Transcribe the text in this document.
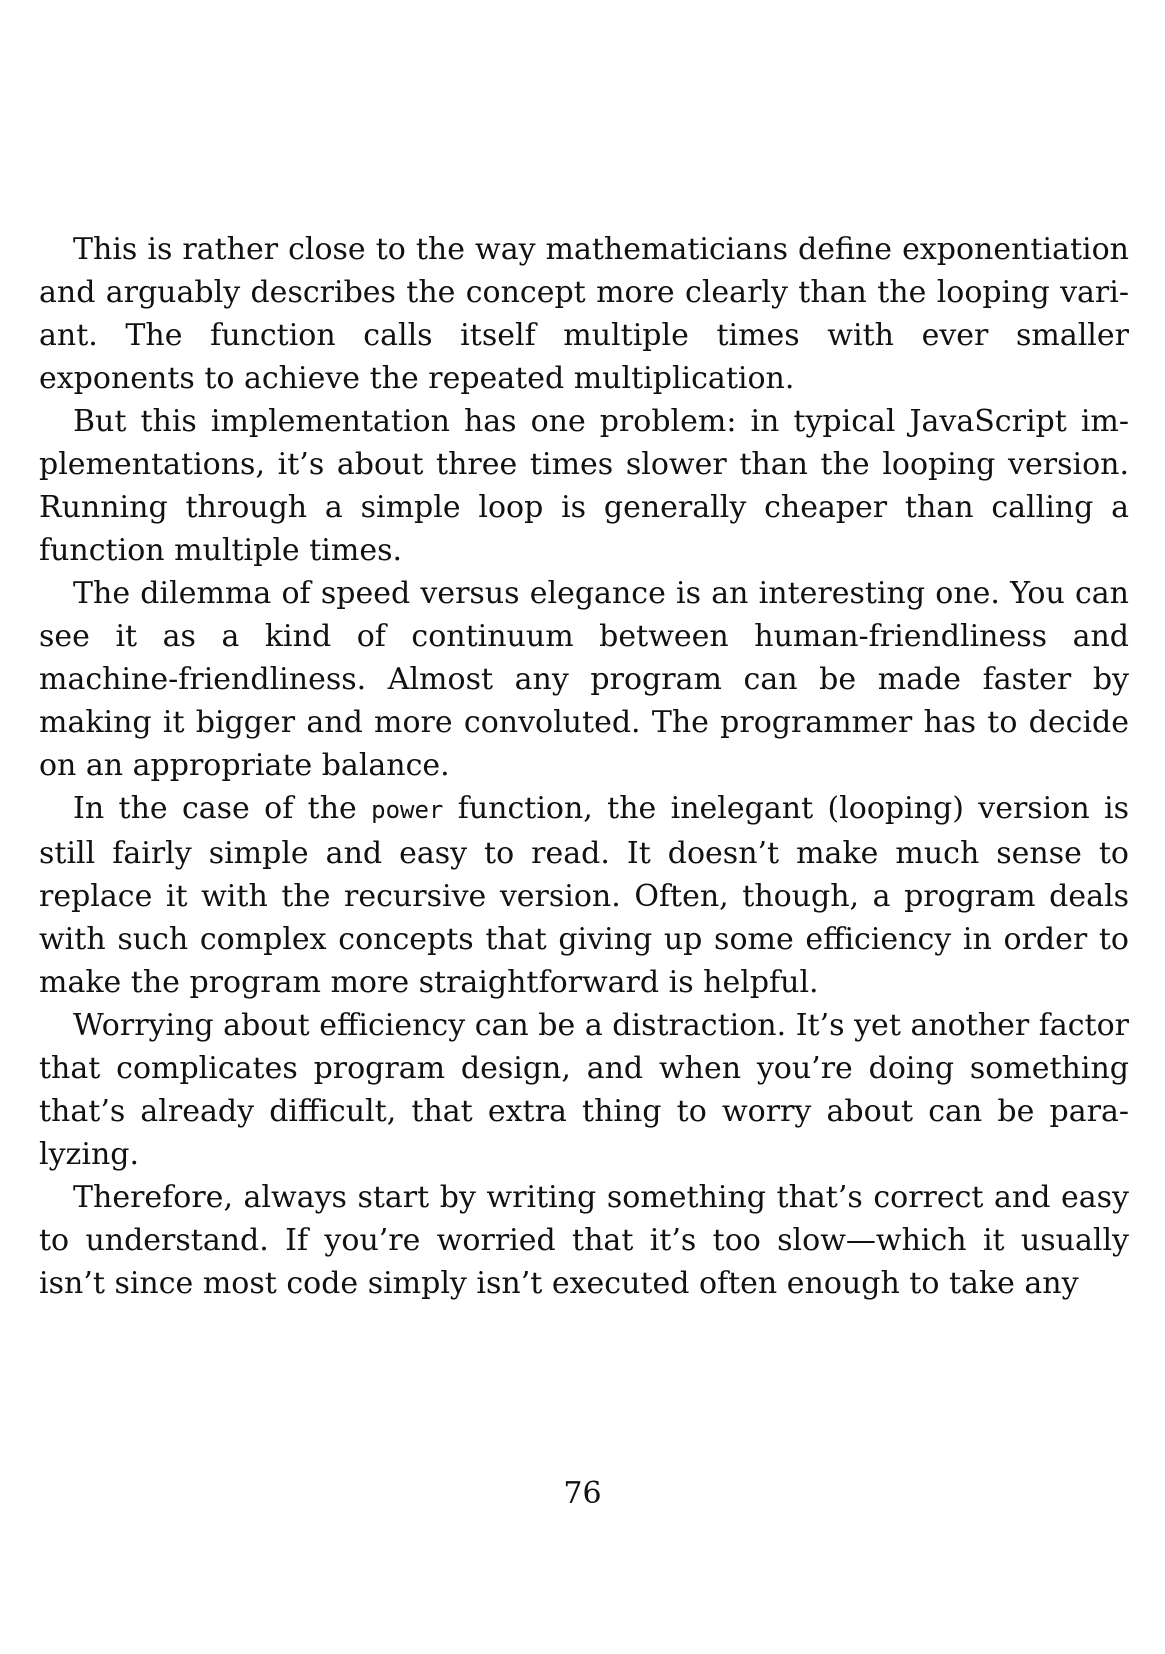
This is rather close to the way mathematicians define exponentiation and arguably describes the concept more clearly than the looping variant. The function calls itself multiple times with ever smaller exponents to achieve the repeated multiplication.

But this implementation has one problem: in typical JavaScript implementations, it’s about three times slower than the looping version. Running through a simple loop is generally cheaper than calling a function multiple times.

The dilemma of speed versus elegance is an interesting one. You can see it as a kind of continuum between human-friendliness and machine-friendliness. Almost any program can be made faster by making it bigger and more convoluted. The programmer has to decide on an appropriate balance.

In the case of the power function, the inelegant (looping) version is still fairly simple and easy to read. It doesn’t make much sense to replace it with the recursive version. Often, though, a program deals with such complex concepts that giving up some efficiency in order to make the program more straightforward is helpful.

Worrying about efficiency can be a distraction. It’s yet another factor that complicates program design, and when you’re doing something that’s already difficult, that extra thing to worry about can be paralyzing.

Therefore, always start by writing something that’s correct and easy to understand. If you’re worried that it’s too slow—which it usually isn’t since most code simply isn’t executed often enough to take any

76
